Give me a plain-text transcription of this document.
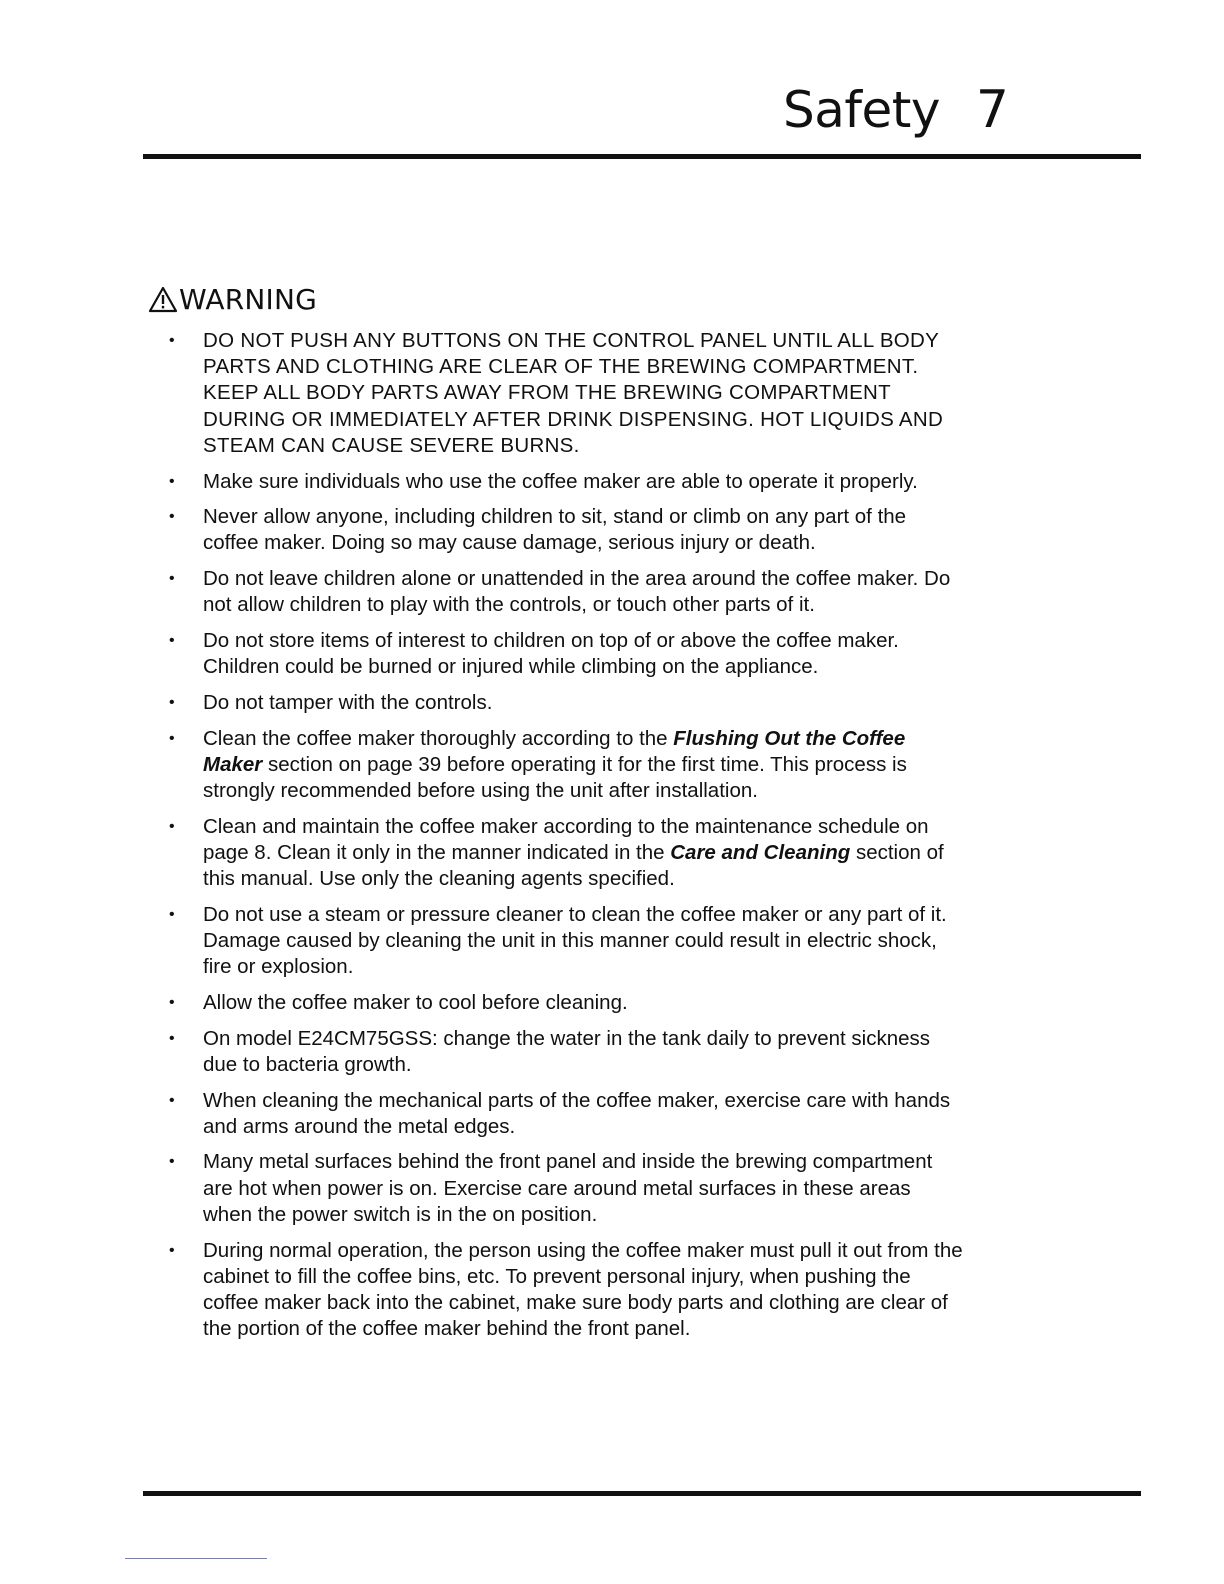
Safety 7
WARNING
• DO NOT PUSH ANY BUTTONS ON THE CONTROL PANEL UNTIL ALL BODY PARTS AND CLOTHING ARE CLEAR OF THE BREWING COMPARTMENT. KEEP ALL BODY PARTS AWAY FROM THE BREWING COMPARTMENT DURING OR IMMEDIATELY AFTER DRINK DISPENSING. HOT LIQUIDS AND STEAM CAN CAUSE SEVERE BURNS.
• Make sure individuals who use the coffee maker are able to operate it properly.
• Never allow anyone, including children to sit, stand or climb on any part of the coffee maker. Doing so may cause damage, serious injury or death.
• Do not leave children alone or unattended in the area around the coffee maker. Do not allow children to play with the controls, or touch other parts of it.
• Do not store items of interest to children on top of or above the coffee maker. Children could be burned or injured while climbing on the appliance.
• Do not tamper with the controls.
• Clean the coffee maker thoroughly according to the Flushing Out the Coffee Maker section on page 39 before operating it for the first time. This process is strongly recommended before using the unit after installation.
• Clean and maintain the coffee maker according to the maintenance schedule on page 8. Clean it only in the manner indicated in the Care and Cleaning section of this manual. Use only the cleaning agents specified.
• Do not use a steam or pressure cleaner to clean the coffee maker or any part of it. Damage caused by cleaning the unit in this manner could result in electric shock, fire or explosion.
• Allow the coffee maker to cool before cleaning.
• On model E24CM75GSS: change the water in the tank daily to prevent sickness due to bacteria growth.
• When cleaning the mechanical parts of the coffee maker, exercise care with hands and arms around the metal edges.
• Many metal surfaces behind the front panel and inside the brewing compartment are hot when power is on. Exercise care around metal surfaces in these areas when the power switch is in the on position.
• During normal operation, the person using the coffee maker must pull it out from the cabinet to fill the coffee bins, etc. To prevent personal injury, when pushing the coffee maker back into the cabinet, make sure body parts and clothing are clear of the portion of the coffee maker behind the front panel.
